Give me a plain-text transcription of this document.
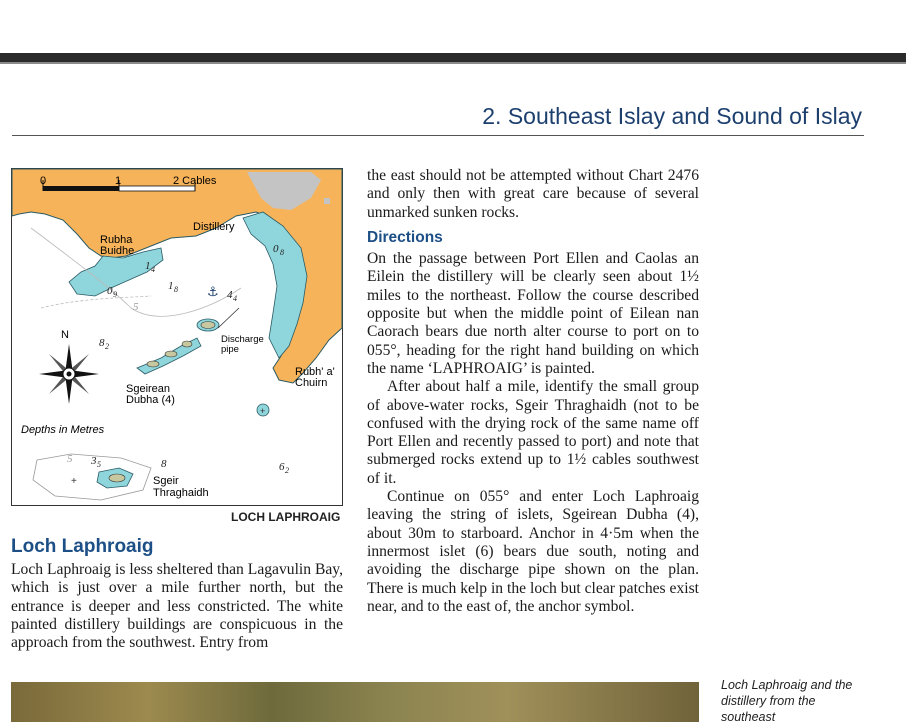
2. Southeast Islay and Sound of Islay
+
+
0	1	2 Cables
⚓
N
Distillery
Rubha
Buidhe
Discharge
pipe
Rubh' a'
Chuirn
Sgeirean
Dubha (4)
Sgeir
Thraghaidh
Depths in Metres
0 8
1 4
1 8
0 9
5
4 4
8 2
5 3 5	8	6 2
LOCH LAPHROAIG
Loch Laphroaig
Loch Laphroaig is less sheltered than Lagavulin Bay, which is just over a mile further north, but the entrance is deeper and less constricted. The white painted distillery buildings are conspicuous in the approach from the southwest. Entry from

the east should not be attempted without Chart 2476 and only then with great care because of several unmarked sunken rocks.

Directions

On the passage between Port Ellen and Caolas an Eilein the distillery will be clearly seen about 1½ miles to the northeast. Follow the course described opposite but when the middle point of Eilean nan Caorach bears due north alter course to port on to 055°, heading for the right hand building on which the name ‘LAPHROAIG’ is painted.

After about half a mile, identify the small group of above-water rocks, Sgeir Thraghaidh (not to be confused with the drying rock of the same name off Port Ellen and recently passed to port) and note that submerged rocks extend up to 1½ cables southwest of it.

Continue on 055° and enter Loch Laphroaig leaving the string of islets, Sgeirean Dubha (4), about 30m to starboard. Anchor in 4·5m when the innermost islet (6) bears due south, noting and avoiding the discharge pipe shown on the plan. There is much kelp in the loch but clear patches exist near, and to the east of, the anchor symbol.

Loch Laphroaig and the distillery from the southeast
